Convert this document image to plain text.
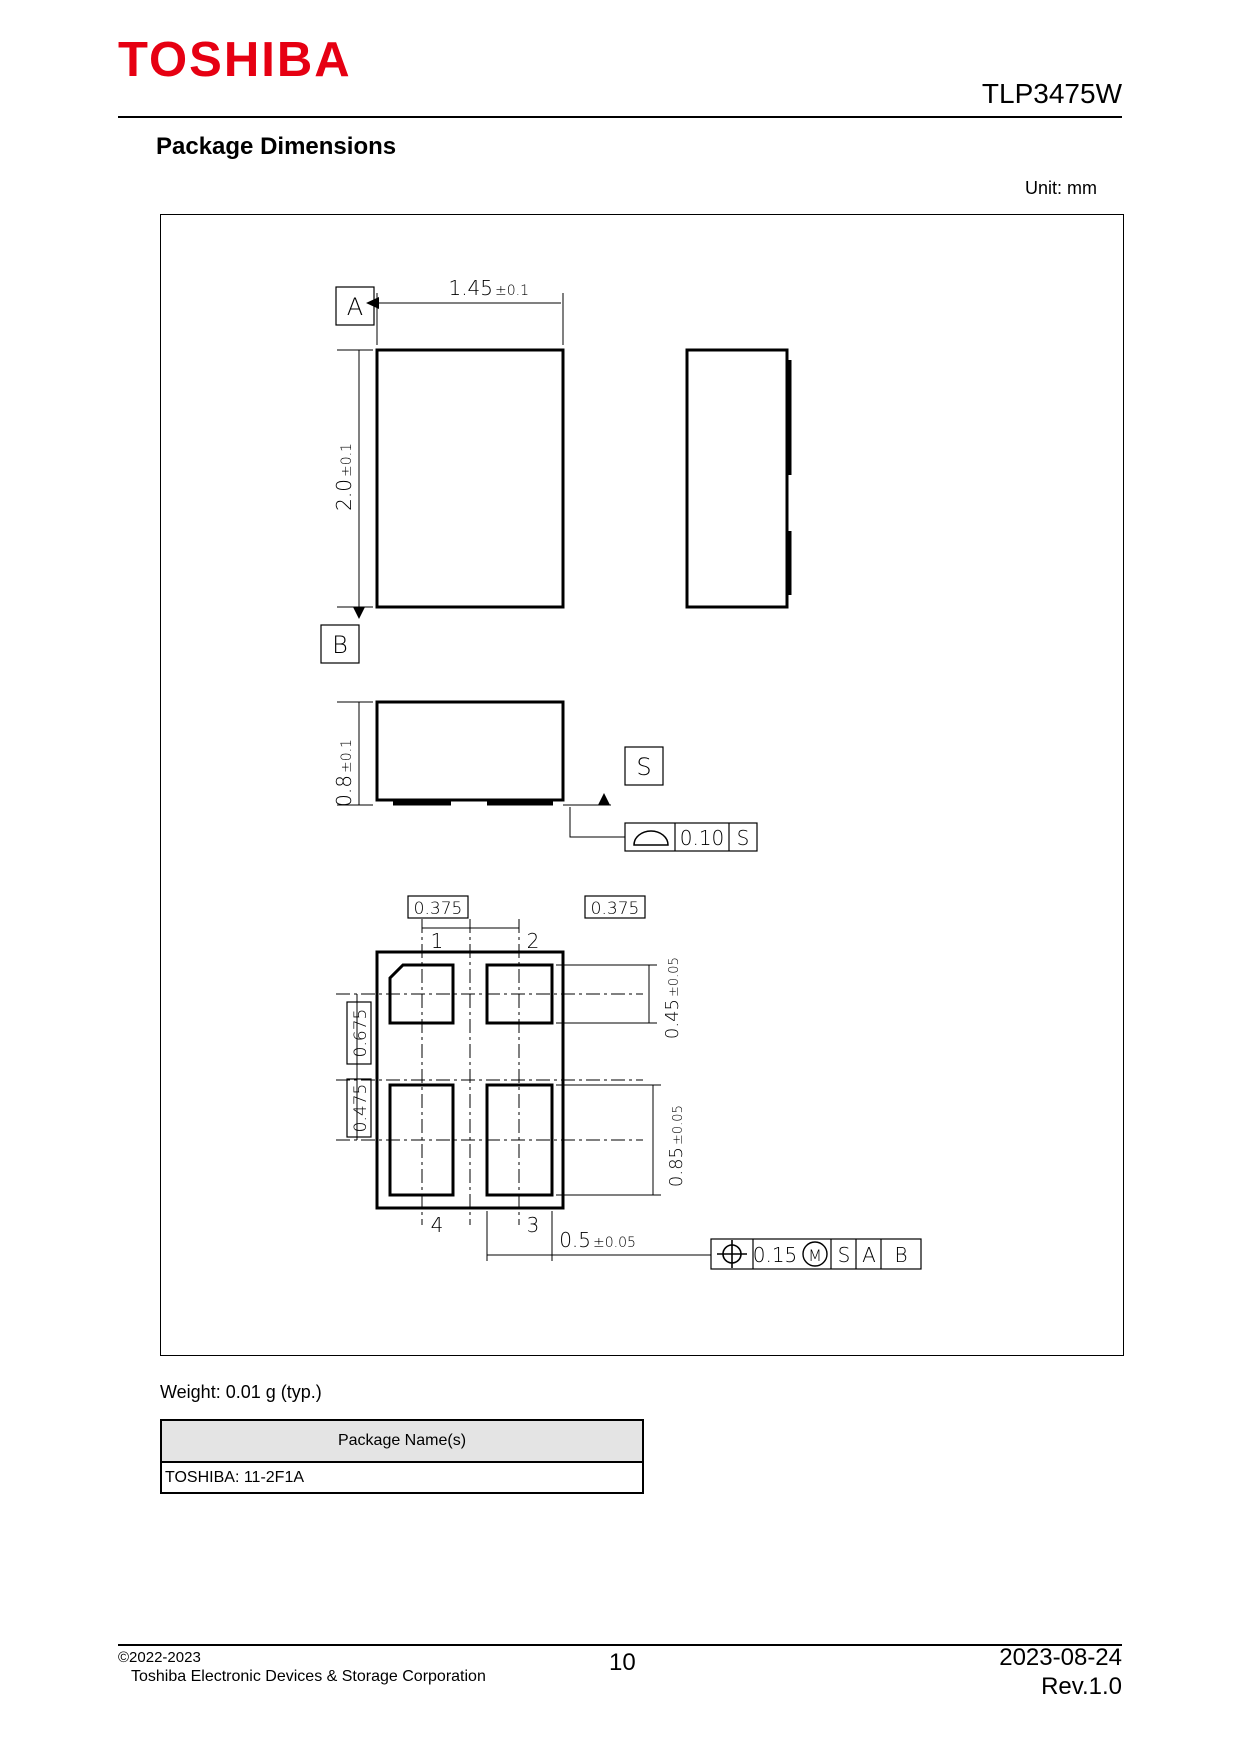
TOSHIBA
TLP3475W
Package Dimensions
Unit: mm
A
1.45 ±0.1
2.0
±0.1
B
0.8
±0.1	S
0.10 S
0.375	0.375
1	2
4	3
0.675
0.475
0.45
±0.05
0.85
±0.05
0.5 ±0.05	0.15 M S A B
Weight: 0.01 g (typ.)
Package Name(s)
TOSHIBA: 11-2F1A
©2022-2023
Toshiba Electronic Devices & Storage Corporation
10	2023-08-24
Rev.1.0
